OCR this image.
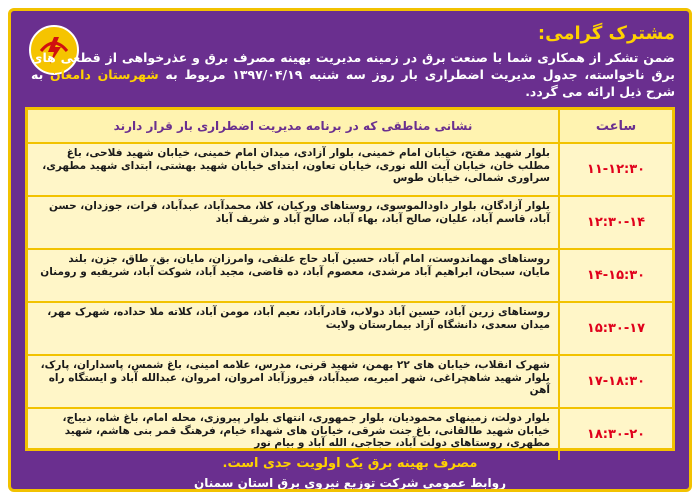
مشترک گرامی:
ضمن تشکر از همکاری شما با صنعت برق در زمینه مدیریت بهینه مصرف برق و عذرخواهی از قطعی های برق ناخواسته، جدول مدیریت اضطراری بار روز سه شنبه ۱۳۹۷/۰۴/۱۹ مربوط به شهرستان دامغان به شرح ذیل ارائه می گردد.
ساعت
نشانی مناطقی که در برنامه مدیریت اضطراری بار قرار دارند
۱۱-۱۲:۳۰
بلوار شهید مفتح، خیابان امام خمینی، بلوار آزادی، میدان امام خمینی، خیابان شهید فلاحی، باغ مطلب خان، خیابان آیت الله نوری، خیابان تعاون، ابتدای خیابان شهید بهشتی، ابتدای شهید مطهری، سراوری شمالی، خیابان طوس
۱۲:۳۰-۱۴
بلوار آزادگان، بلوار داودالموسوی، روستاهای ورکیان، کلا، محمدآباد، عبدآباد، فرات، جوزدان، حسن آباد، قاسم آباد، علیان، صالح آباد، بهاء آباد، صالح آباد و شریف آباد
۱۴-۱۵:۳۰
روستاهای مهماندوست، امام آباد، حسین آباد حاج علنقی، وامرزان، مایان، بق، طاق، جزن، بلند مایان، سبحان، ابراهیم آباد مرشدی، معصوم آباد، ده قاضی، مجید آباد، شوکت آباد، شریفیه و رومنان
۱۵:۳۰-۱۷
روستاهای زرین آباد، حسین آباد دولاب، قادرآباد، نعیم آباد، مومن آباد، کلاته ملا حداده، شهرک مهر، میدان سعدی، دانشگاه آزاد بیمارستان ولایت
۱۷-۱۸:۳۰
شهرک انقلاب، خیابان های ۲۲ بهمن، شهید قرنی، مدرس، علامه امینی، باغ شمس، پاسداران، پارک، بلوار شهید شاهچراغی، شهر امیریه، صیدآباد، فیروزآباد امروان، امروان، عبدالله آباد و ایستگاه راه آهن
۱۸:۳۰-۲۰
بلوار دولت، زمینهای محمودیان، بلوار جمهوری، انتهای بلوار پیروزی، محله امام، باغ شاه، دیباج، خیابان شهید طالقانی، باغ جنت شرقی، خیابان های شهداء خیام، فرهنگ قمر بنی هاشم، شهید مطهری، روستاهای دولت آباد، حجاجی، الله آباد و بیام نور
مصرف بهینه برق یک اولویت جدی است.
روابط عمومی شرکت توزیع نیروی برق استان سمنان
